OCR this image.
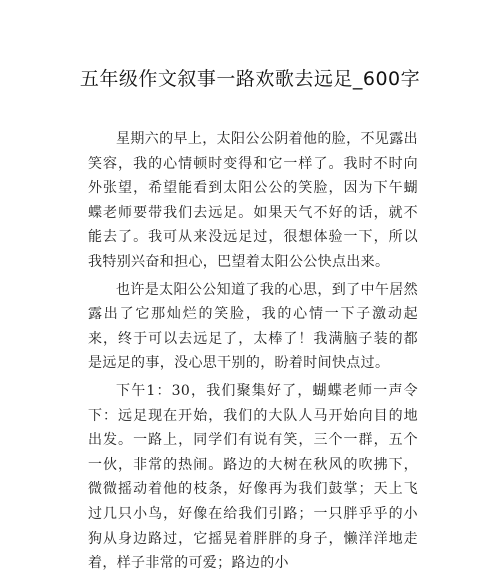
五年级作文叙事一路欢歌去远足_600字

星期六的早上，太阳公公阴着他的脸，不见露出笑容，我的心情顿时变得和它一样了。我时不时向外张望，希望能看到太阳公公的笑脸，因为下午蝴蝶老师要带我们去远足。如果天气不好的话，就不能去了。我可从来没远足过，很想体验一下，所以我特别兴奋和担心，巴望着太阳公公快点出来。

也许是太阳公公知道了我的心思，到了中午居然露出了它那灿烂的笑脸，我的心情一下子激动起来，终于可以去远足了，太棒了！我满脑子装的都是远足的事，没心思干别的，盼着时间快点过。

下午1：30，我们聚集好了，蝴蝶老师一声令下：远足现在开始，我们的大队人马开始向目的地出发。一路上，同学们有说有笑，三个一群，五个一伙，非常的热闹。路边的大树在秋风的吹拂下，微微摇动着他的枝条，好像再为我们鼓掌；天上飞过几只小鸟，好像在给我们引路；一只胖乎乎的小狗从身边路过，它摇晃着胖胖的身子，懒洋洋地走着，样子非常的可爱；路边的小
